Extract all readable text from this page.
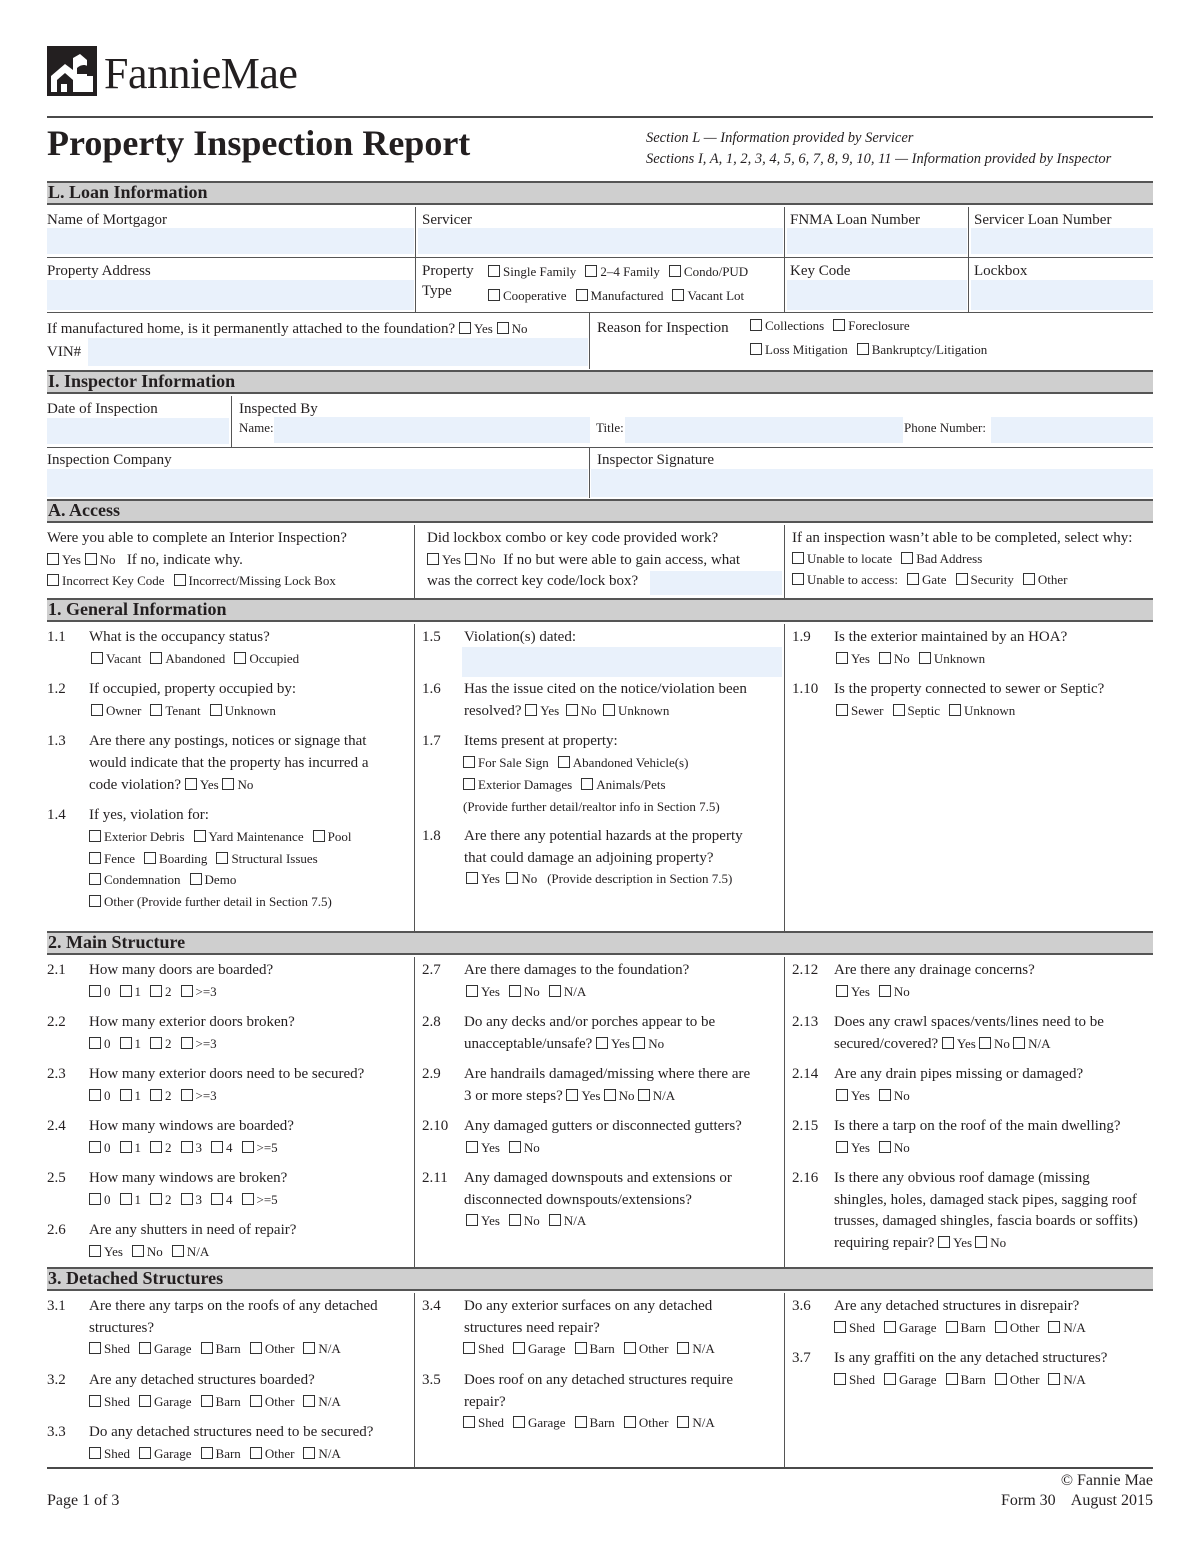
FannieMae
Property Inspection Report	Section L — Information provided by Servicer
Sections I, A, 1, 2, 3, 4, 5, 6, 7, 8, 9, 10, 11 — Information provided by Inspector
L. Loan Information
Name of Mortgagor	Servicer	FNMA Loan Number	Servicer Loan Number
Property Address	Property
Type
Single Family 2–4 Family Condo/PUD
Cooperative Manufactured Vacant Lot
Key Code	Lockbox
If manufactured home, is it permanently attached to the foundation? Yes No
VIN#
Reason for Inspection	Collections Foreclosure
Loss Mitigation Bankruptcy/Litigation
I. Inspector Information
Date of Inspection	Inspected By
Name:	Title:	Phone Number:
Inspection Company	Inspector Signature
A. Access
Were you able to complete an Interior Inspection?
Yes No If no, indicate why.
Incorrect Key Code Incorrect/Missing Lock Box
Did lockbox combo or key code provided work?
Yes No If no but were able to gain access, what
was the correct key code/lock box?
If an inspection wasn’t able to be completed, select why:
Unable to locate Bad Address
Unable to access: Gate Security Other
1. General Information
1.1 What is the occupancy status?
Vacant Abandoned Occupied
1.2 If occupied, property occupied by:
Owner Tenant Unknown
1.3 Are there any postings, notices or signage that
would indicate that the property has incurred a
code violation? Yes No
1.4 If yes, violation for:
Exterior Debris Yard Maintenance Pool
Fence Boarding Structural Issues
Condemnation Demo
Other (Provide further detail in Section 7.5)
1.5 Violation(s) dated:
1.6 Has the issue cited on the notice/violation been
resolved? Yes No Unknown
1.7 Items present at property:
For Sale Sign Abandoned Vehicle(s)
Exterior Damages Animals/Pets
(Provide further detail/realtor info in Section 7.5)
1.8 Are there any potential hazards at the property
that could damage an adjoining property?
Yes No (Provide description in Section 7.5)
1.9 Is the exterior maintained by an HOA?
Yes No Unknown
1.10 Is the property connected to sewer or Septic?
Sewer Septic Unknown
2. Main Structure
2.1 How many doors are boarded?
0 1 2 >=3
2.2 How many exterior doors broken?
0 1 2 >=3
2.3 How many exterior doors need to be secured?
0 1 2 >=3
2.4 How many windows are boarded?
0 1 2 3 4 >=5
2.5 How many windows are broken?
0 1 2 3 4 >=5
2.6 Are any shutters in need of repair?
Yes No N/A
2.7 Are there damages to the foundation?
Yes No N/A
2.8 Do any decks and/or porches appear to be
unacceptable/unsafe? Yes No
2.9 Are handrails damaged/missing where there are
3 or more steps? Yes No N/A
2.10 Any damaged gutters or disconnected gutters?
Yes No
2.11 Any damaged downspouts and extensions or
disconnected downspouts/extensions?
Yes No N/A
2.12 Are there any drainage concerns?
Yes No
2.13 Does any crawl spaces/vents/lines need to be
secured/covered? Yes No N/A
2.14 Are any drain pipes missing or damaged?
Yes No
2.15 Is there a tarp on the roof of the main dwelling?
Yes No
2.16 Is there any obvious roof damage (missing
shingles, holes, damaged stack pipes, sagging roof
trusses, damaged shingles, fascia boards or soffits)
requiring repair? Yes No
3. Detached Structures
3.1 Are there any tarps on the roofs of any detached
structures?
Shed Garage Barn Other N/A
3.2 Are any detached structures boarded?
Shed Garage Barn Other N/A
3.3 Do any detached structures need to be secured?
Shed Garage Barn Other N/A
3.4 Do any exterior surfaces on any detached
structures need repair?
Shed Garage Barn Other N/A
3.5 Does roof on any detached structures require
repair?
Shed Garage Barn Other N/A
3.6 Are any detached structures in disrepair?
Shed Garage Barn Other N/A
3.7 Is any graffiti on the any detached structures?
Shed Garage Barn Other N/A
Page 1 of 3
© Fannie Mae
Form 30    August 2015
